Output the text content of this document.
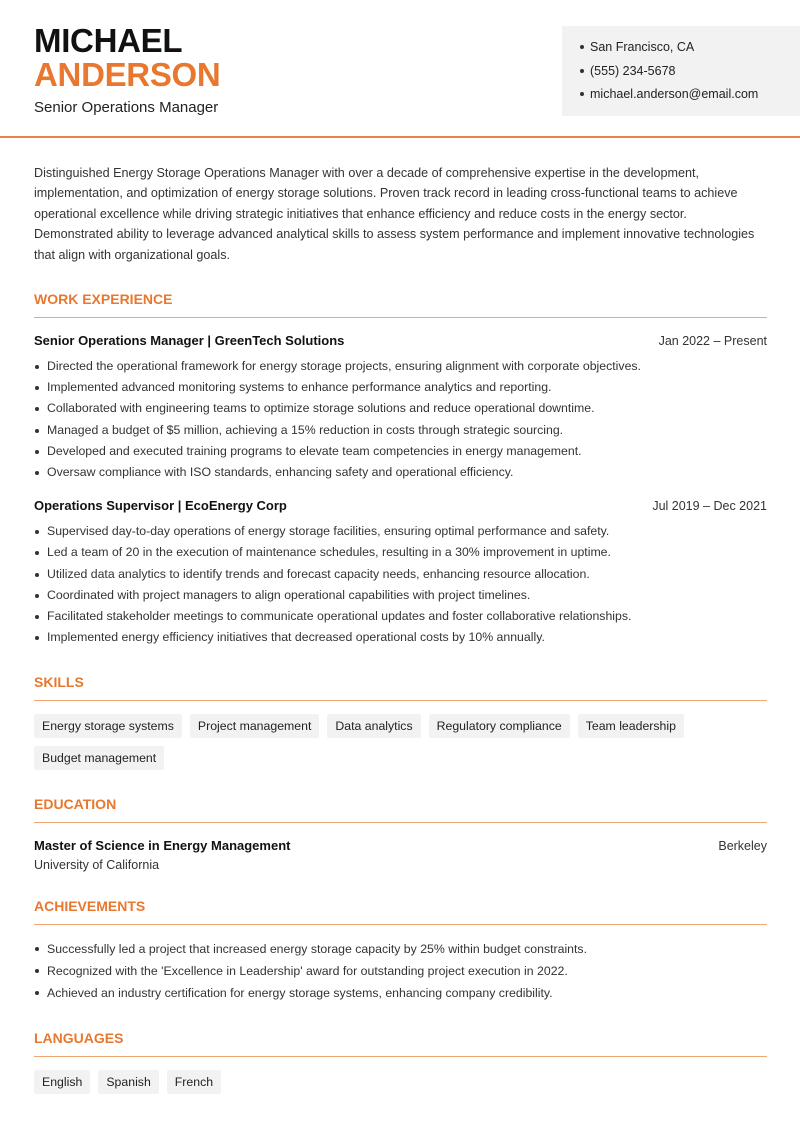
MICHAEL
ANDERSON
Senior Operations Manager
San Francisco, CA
(555) 234-5678
michael.anderson@email.com

Distinguished Energy Storage Operations Manager with over a decade of comprehensive expertise in the development, implementation, and optimization of energy storage solutions. Proven track record in leading cross-functional teams to achieve operational excellence while driving strategic initiatives that enhance efficiency and reduce costs in the energy sector. Demonstrated ability to leverage advanced analytical skills to assess system performance and implement innovative technologies that align with organizational goals.

WORK EXPERIENCE
Senior Operations Manager | GreenTech Solutions	Jan 2022 – Present
Directed the operational framework for energy storage projects, ensuring alignment with corporate objectives.
Implemented advanced monitoring systems to enhance performance analytics and reporting.
Collaborated with engineering teams to optimize storage solutions and reduce operational downtime.
Managed a budget of $5 million, achieving a 15% reduction in costs through strategic sourcing.
Developed and executed training programs to elevate team competencies in energy management.
Oversaw compliance with ISO standards, enhancing safety and operational efficiency.
Operations Supervisor | EcoEnergy Corp	Jul 2019 – Dec 2021
Supervised day-to-day operations of energy storage facilities, ensuring optimal performance and safety.
Led a team of 20 in the execution of maintenance schedules, resulting in a 30% improvement in uptime.
Utilized data analytics to identify trends and forecast capacity needs, enhancing resource allocation.
Coordinated with project managers to align operational capabilities with project timelines.
Facilitated stakeholder meetings to communicate operational updates and foster collaborative relationships.
Implemented energy efficiency initiatives that decreased operational costs by 10% annually.
SKILLS
Energy storage systems	Project management	Data analytics	Regulatory compliance	Team leadership
Budget management
EDUCATION
Master of Science in Energy Management	Berkeley
University of California
ACHIEVEMENTS
Successfully led a project that increased energy storage capacity by 25% within budget constraints.
Recognized with the 'Excellence in Leadership' award for outstanding project execution in 2022.
Achieved an industry certification for energy storage systems, enhancing company credibility.
LANGUAGES
English	Spanish	French
